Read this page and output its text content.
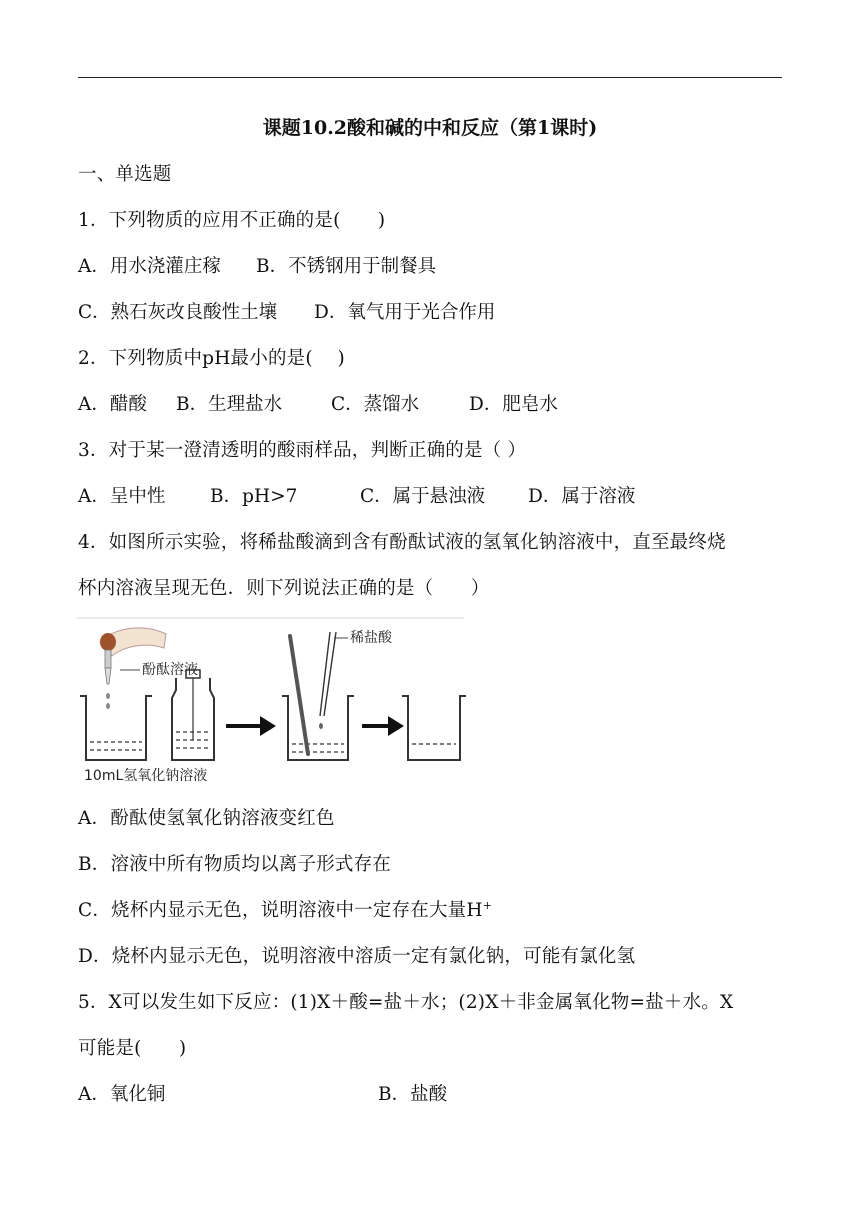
课题10.2酸和碱的中和反应（第1课时)
一、单选题
1．下列物质的应用不正确的是(　　)
A．用水浇灌庄稼 B．不锈钢用于制餐具
C．熟石灰改良酸性土壤 D．氧气用于光合作用
2．下列物质中pH最小的是(　 )
A．醋酸 B．生理盐水	C．蒸馏水	D．肥皂水
3．对于某一澄清透明的酸雨样品，判断正确的是（ ）
A．呈中性 B．pH>7	C．属于悬浊液 D．属于溶液
4．如图所示实验，将稀盐酸滴到含有酚酞试液的氢氧化钠溶液中，直至最终烧
杯内溶液呈现无色．则下列说法正确的是（　　）
酚酞溶液
稀盐酸
10mL氢氧化钠溶液
A．酚酞使氢氧化钠溶液变红色
B．溶液中所有物质均以离子形式存在
C．烧杯内显示无色，说明溶液中一定存在大量H+
D．烧杯内显示无色，说明溶液中溶质一定有氯化钠，可能有氯化氢
5．X可以发生如下反应：(1)X＋酸=盐＋水；(2)X＋非金属氧化物=盐＋水。X
可能是(　　)
A．氧化铜	B．盐酸
